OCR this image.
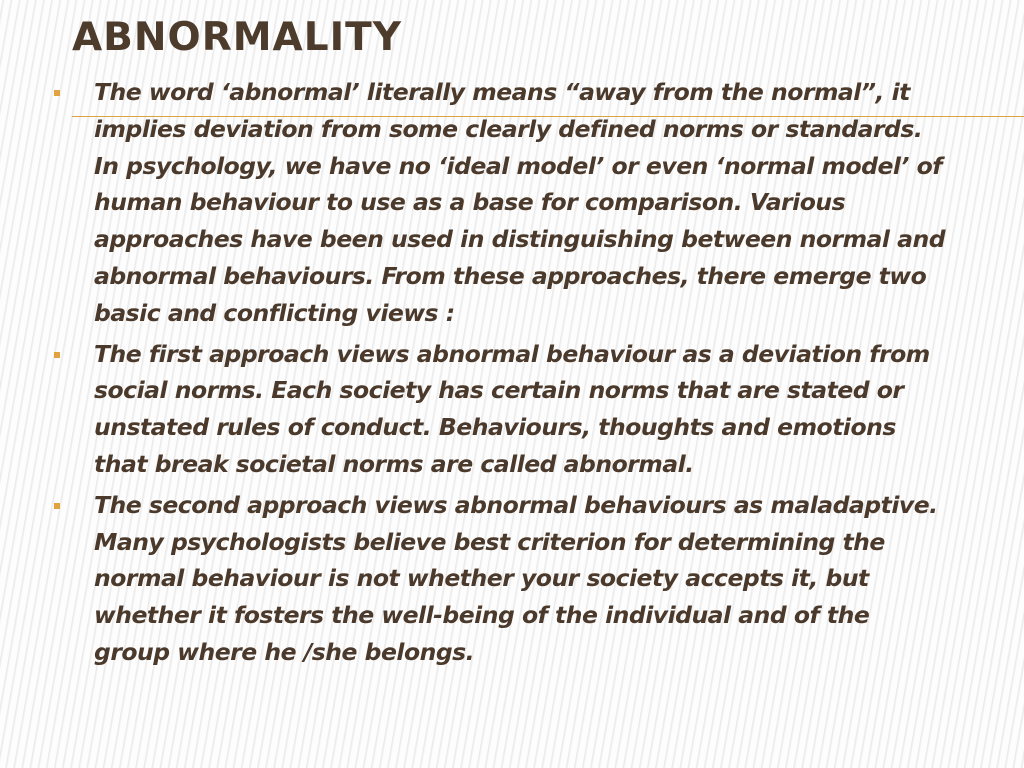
ABNORMALITY
The word ‘abnormal’ literally means “away from the normal”, it implies deviation from some clearly defined norms or standards. In psychology, we have no ‘ideal model’ or even ‘normal model’ of human behaviour to use as a base for comparison. Various approaches have been used in distinguishing between normal and abnormal behaviours. From these approaches, there emerge two basic and conflicting views :
The first approach views abnormal behaviour as a deviation from social norms. Each society has certain norms that are stated or unstated rules of conduct. Behaviours, thoughts and emotions that break societal norms are called abnormal.
The second approach views abnormal behaviours as maladaptive. Many psychologists believe best criterion for determining the normal behaviour is not whether your society accepts it, but whether it fosters the well-being of the individual and of the group where he /she belongs.
